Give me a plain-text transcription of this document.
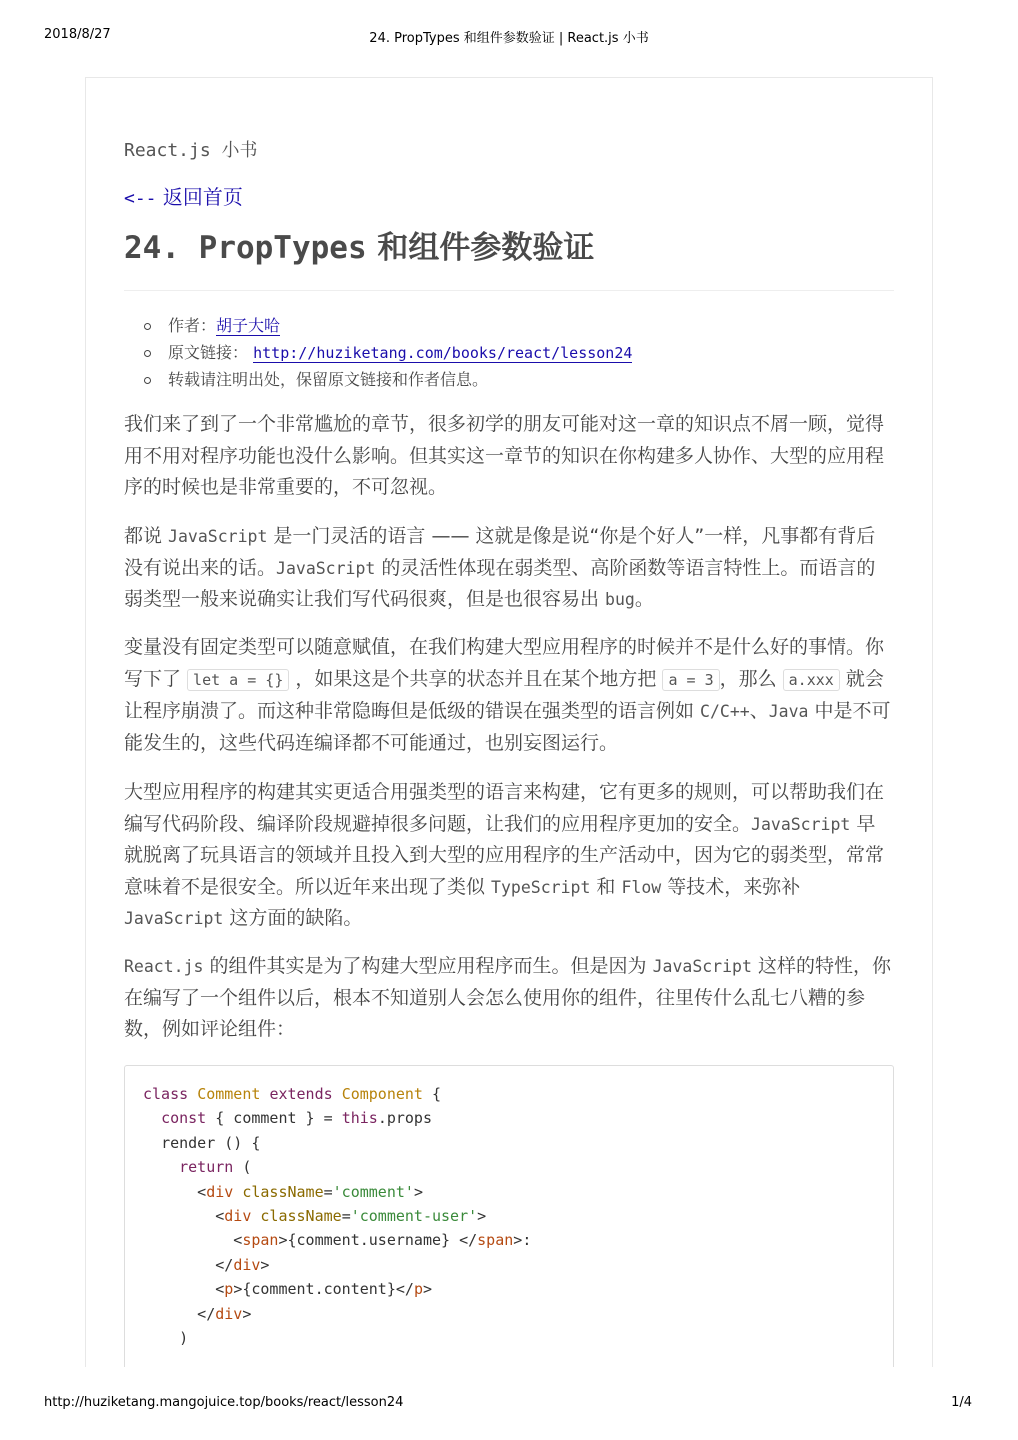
2018/8/27	24. PropTypes 和组件参数验证 | React.js 小书
React.js 小书
<-- 返回首页
24. PropTypes 和组件参数验证
作者：胡子大哈
原文链接： http://huziketang.com/books/react/lesson24
转载请注明出处，保留原文链接和作者信息。

我们来了到了一个非常尴尬的章节，很多初学的朋友可能对这一章的知识点不屑一顾，觉得用不用对程序功能也没什么影响。但其实这一章节的知识在你构建多人协作、大型的应用程序的时候也是非常重要的，不可忽视。

都说 JavaScript 是一门灵活的语言 —— 这就是像是说“你是个好人”一样，凡事都有背后没有说出来的话。JavaScript 的灵活性体现在弱类型、高阶函数等语言特性上。而语言的弱类型一般来说确实让我们写代码很爽，但是也很容易出 bug。

变量没有固定类型可以随意赋值，在我们构建大型应用程序的时候并不是什么好的事情。你写下了 let a = {} ，如果这是个共享的状态并且在某个地方把 a = 3 ，那么 a.xxx 就会让程序崩溃了。而这种非常隐晦但是低级的错误在强类型的语言例如 C/C++、Java 中是不可能发生的，这些代码连编译都不可能通过，也别妄图运行。

大型应用程序的构建其实更适合用强类型的语言来构建，它有更多的规则，可以帮助我们在编写代码阶段、编译阶段规避掉很多问题，让我们的应用程序更加的安全。JavaScript 早就脱离了玩具语言的领域并且投入到大型的应用程序的生产活动中，因为它的弱类型，常常意味着不是很安全。所以近年来出现了类似 TypeScript 和 Flow 等技术，来弥补 JavaScript 这方面的缺陷。

React.js 的组件其实是为了构建大型应用程序而生。但是因为 JavaScript 这样的特性，你在编写了一个组件以后，根本不知道别人会怎么使用你的组件，往里传什么乱七八糟的参数，例如评论组件：

class Comment extends Component {
const { comment } = this.props
render () {
return (
<div className='comment'>
<div className='comment-user'>
<span>{comment.username} </span>:
</div>
<p>{comment.content}</p>
</div>
)
http://huziketang.mangojuice.top/books/react/lesson24	1/4
